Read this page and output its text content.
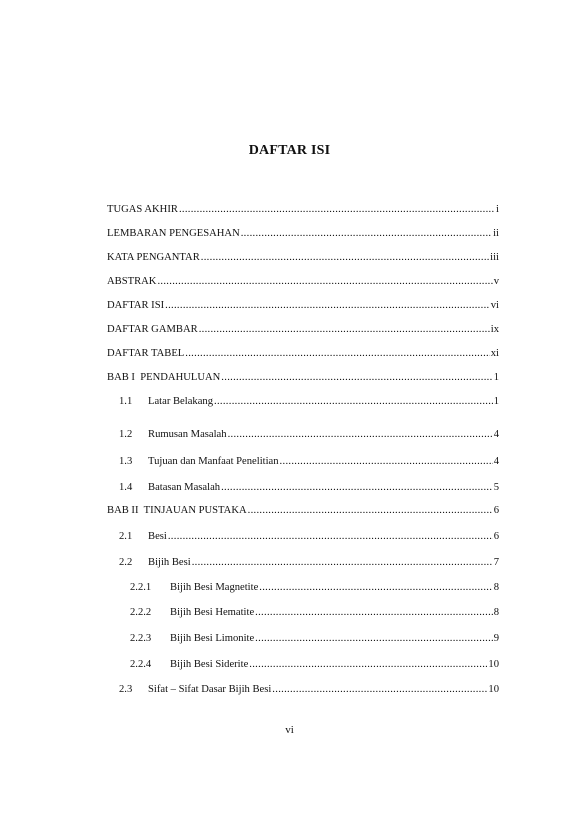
DAFTAR ISI
TUGAS AKHIR .....	i
LEMBARAN PENGESAHAN .....	ii
KATA PENGANTAR .....	iii
ABSTRAK .....	v
DAFTAR ISI .....	vi
DAFTAR GAMBAR .....	ix
DAFTAR TABEL .....	xi
BAB I  PENDAHULUAN .....	1
1.1	Latar Belakang .....	1
1.2	Rumusan Masalah .....	4
1.3	Tujuan dan Manfaat Penelitian .....	4
1.4	Batasan Masalah .....	5
BAB II  TINJAUAN PUSTAKA .....	6
2.1	Besi .....	6
2.2	Bijih Besi .....	7
2.2.1	Bijih Besi Magnetite .....	8
2.2.2	Bijih Besi Hematite .....	8
2.2.3	Bijih Besi Limonite .....	9
2.2.4	Bijih Besi Siderite .....	10
2.3	Sifat – Sifat Dasar Bijih Besi .....	10
vi
